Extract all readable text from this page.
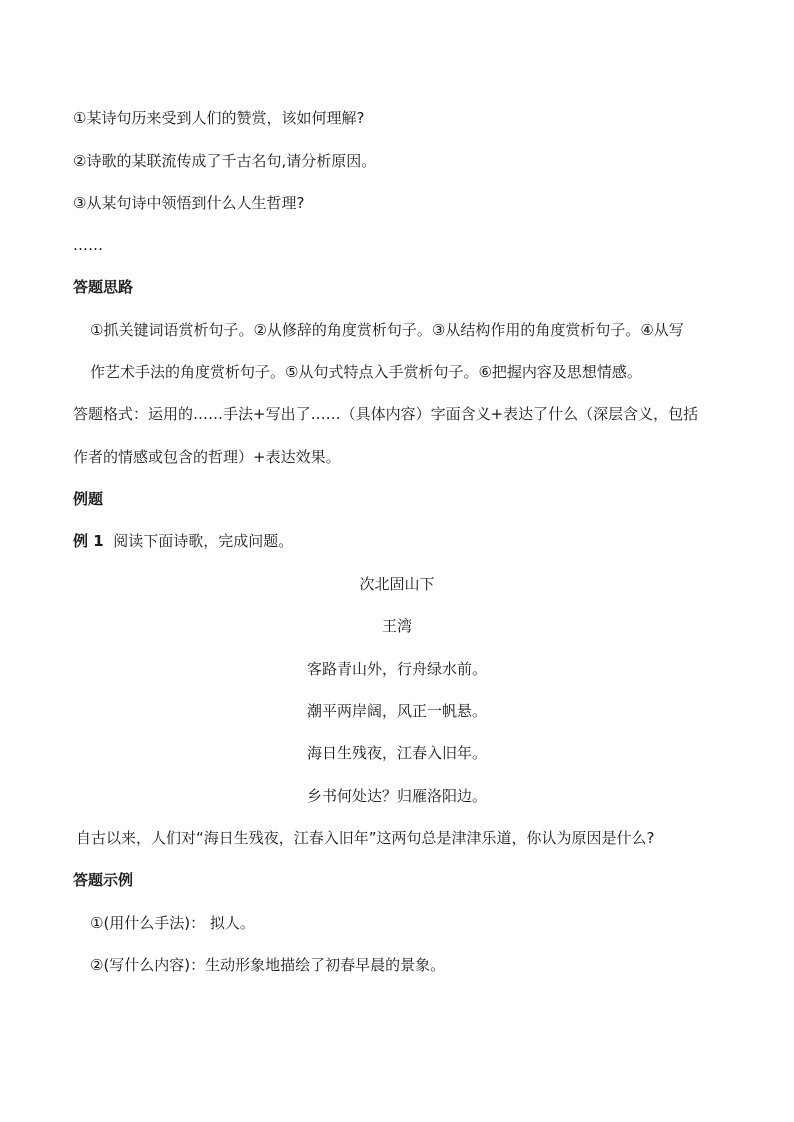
①某诗句历来受到人们的赞赏，该如何理解?
②诗歌的某联流传成了千古名句,请分析原因。
③从某句诗中领悟到什么人生哲理?
……
答题思路
①抓关键词语赏析句子。②从修辞的角度赏析句子。③从结构作用的角度赏析句子。④从写
作艺术手法的角度赏析句子。⑤从句式特点入手赏析句子。⑥把握内容及思想情感。
答题格式：运用的……手法+写出了……（具体内容）字面含义+表达了什么（深层含义，包括
作者的情感或包含的哲理）+表达效果。
例题
例 1 阅读下面诗歌，完成问题。
次北固山下
王湾
客路青山外，行舟绿水前。
潮平两岸阔，风正一帆悬。
海日生残夜，江春入旧年。
乡书何处达？归雁洛阳边。
自古以来，人们对“海日生残夜，江春入旧年”这两句总是津津乐道，你认为原因是什么?
答题示例
①(用什么手法)： 拟人。
②(写什么内容)：生动形象地描绘了初春早晨的景象。
